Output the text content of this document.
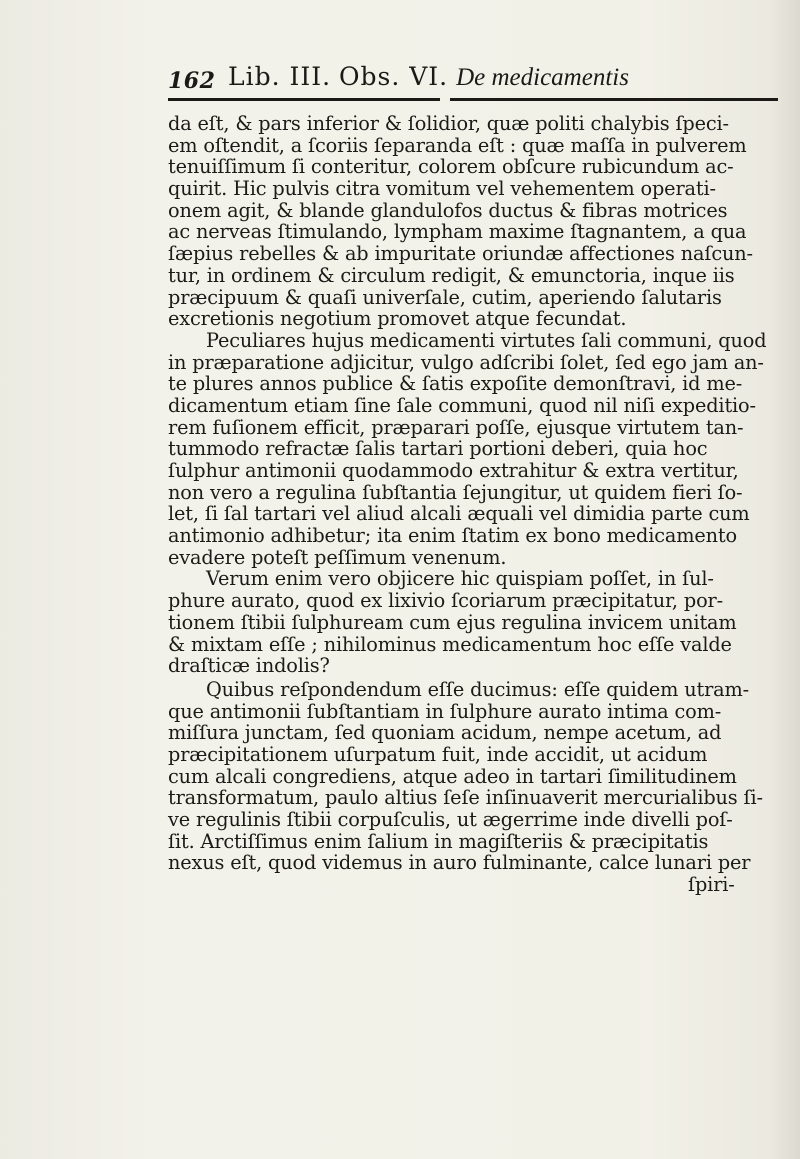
162 Lib. III. Obs. VI. De medicamentis
da eſt, & pars inferior & ſolidior, quæ politi chalybis ſpeci-
em oſtendit, a ſcoriis ſeparanda eſt : quæ maſſa in pulverem
tenuiſſimum ſi conteritur, colorem obſcure rubicundum ac-
quirit. Hic pulvis citra vomitum vel vehementem operati-
onem agit, & blande glandulofos ductus & fibras motrices
ac nerveas ſtimulando, lympham maxime ſtagnantem, a qua
ſæpius rebelles & ab impuritate oriundæ affectiones naſcun-
tur, in ordinem & circulum redigit, & emunctoria, inque iis
præcipuum & quaſi univerſale, cutim, aperiendo ſalutaris
excretionis negotium promovet atque fecundat.
Peculiares hujus medicamenti virtutes ſali communi, quod
in præparatione adjicitur, vulgo adſcribi ſolet, ſed ego jam an-
te plures annos publice & ſatis expoſite demonſtravi, id me-
dicamentum etiam ſine ſale communi, quod nil niſi expeditio-
rem fuſionem efficit, præparari poſſe, ejusque virtutem tan-
tummodo refractæ ſalis tartari portioni deberi, quia hoc
ſulphur antimonii quodammodo extrahitur & extra vertitur,
non vero a regulina ſubſtantia ſejungitur, ut quidem fieri ſo-
let, ſi ſal tartari vel aliud alcali æquali vel dimidia parte cum
antimonio adhibetur; ita enim ſtatim ex bono medicamento
evadere poteſt peſſimum venenum.
Verum enim vero objicere hic quispiam poſſet, in ſul-
phure aurato, quod ex lixivio ſcoriarum præcipitatur, por-
tionem ſtibii ſulphuream cum ejus regulina invicem unitam
& mixtam eſſe ; nihilominus medicamentum hoc eſſe valde
draſticæ indolis?
Quibus reſpondendum eſſe ducimus: eſſe quidem utram-
que antimonii ſubſtantiam in ſulphure aurato intima com-
miſſura junctam, ſed quoniam acidum, nempe acetum, ad
præcipitationem uſurpatum fuit, inde accidit, ut acidum
cum alcali congrediens, atque adeo in tartari ſimilitudinem
transformatum, paulo altius ſeſe inſinuaverit mercurialibus ſi-
ve regulinis ſtibii corpuſculis, ut ægerrime inde divelli poſ-
ſit. Arctiſſimus enim ſalium in magiſteriis & præcipitatis
nexus eſt, quod videmus in auro fulminante, calce lunari per
ſpiri-
